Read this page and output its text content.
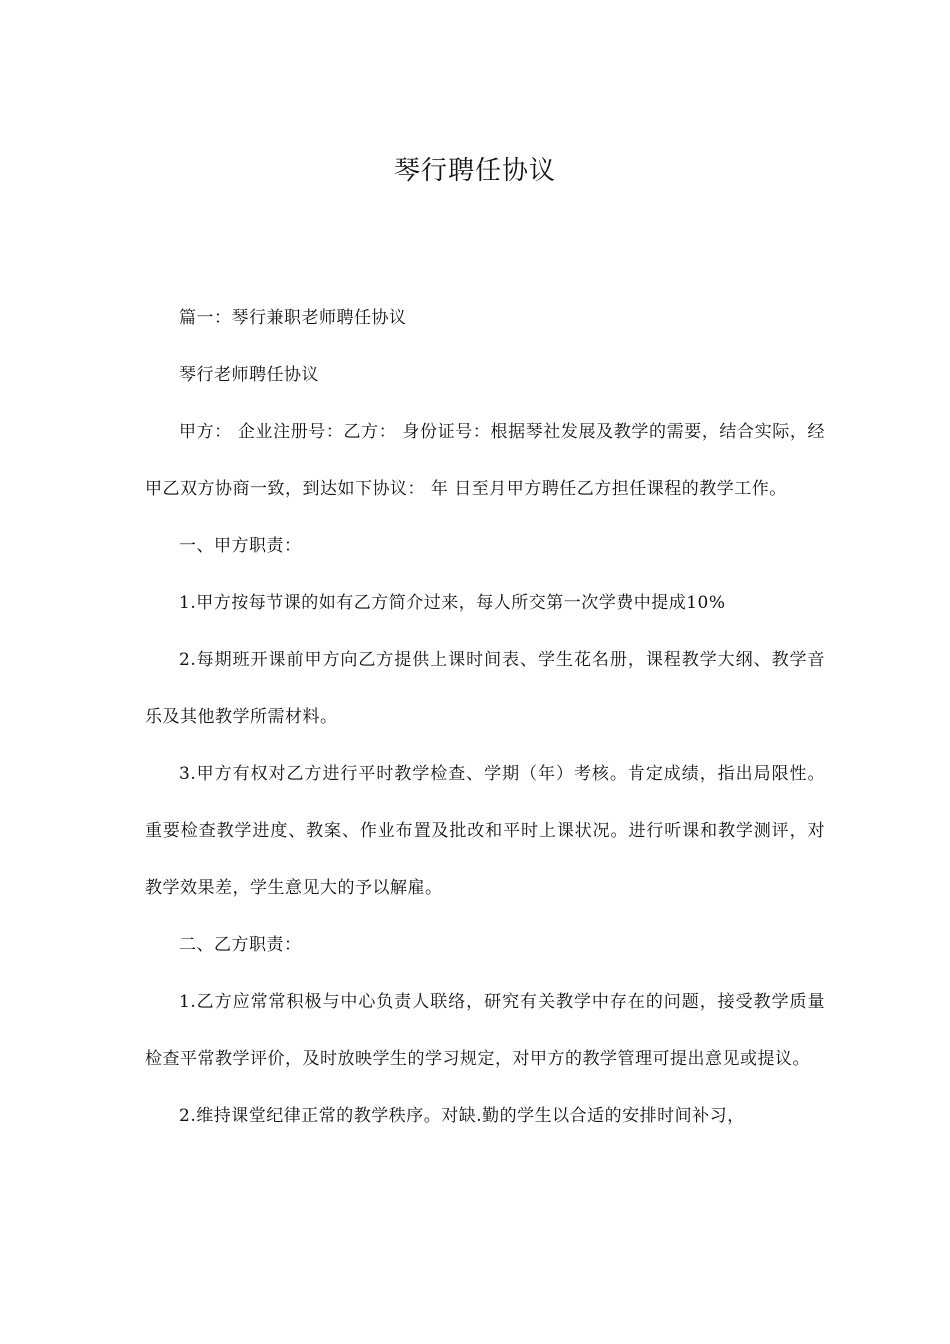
琴行聘任协议

篇一：琴行兼职老师聘任协议

琴行老师聘任协议

甲方： 企业注册号：乙方： 身份证号：根据琴社发展及教学的需要，结合实际，经甲乙双方协商一致，到达如下协议： 年 日至月甲方聘任乙方担任课程的教学工作。

一、甲方职责：

1.甲方按每节课的如有乙方简介过来，每人所交第一次学费中提成10%

2.每期班开课前甲方向乙方提供上课时间表、学生花名册，课程教学大纲、教学音乐及其他教学所需材料。

3.甲方有权对乙方进行平时教学检查、学期（年）考核。肯定成绩，指出局限性。重要检查教学进度、教案、作业布置及批改和平时上课状况。进行听课和教学测评，对教学效果差，学生意见大的予以解雇。

二、乙方职责：

1.乙方应常常积极与中心负责人联络，研究有关教学中存在的问题，接受教学质量检查平常教学评价，及时放映学生的学习规定，对甲方的教学管理可提出意见或提议。

2.维持课堂纪律正常的教学秩序。对缺.勤的学生以合适的安排时间补习，
